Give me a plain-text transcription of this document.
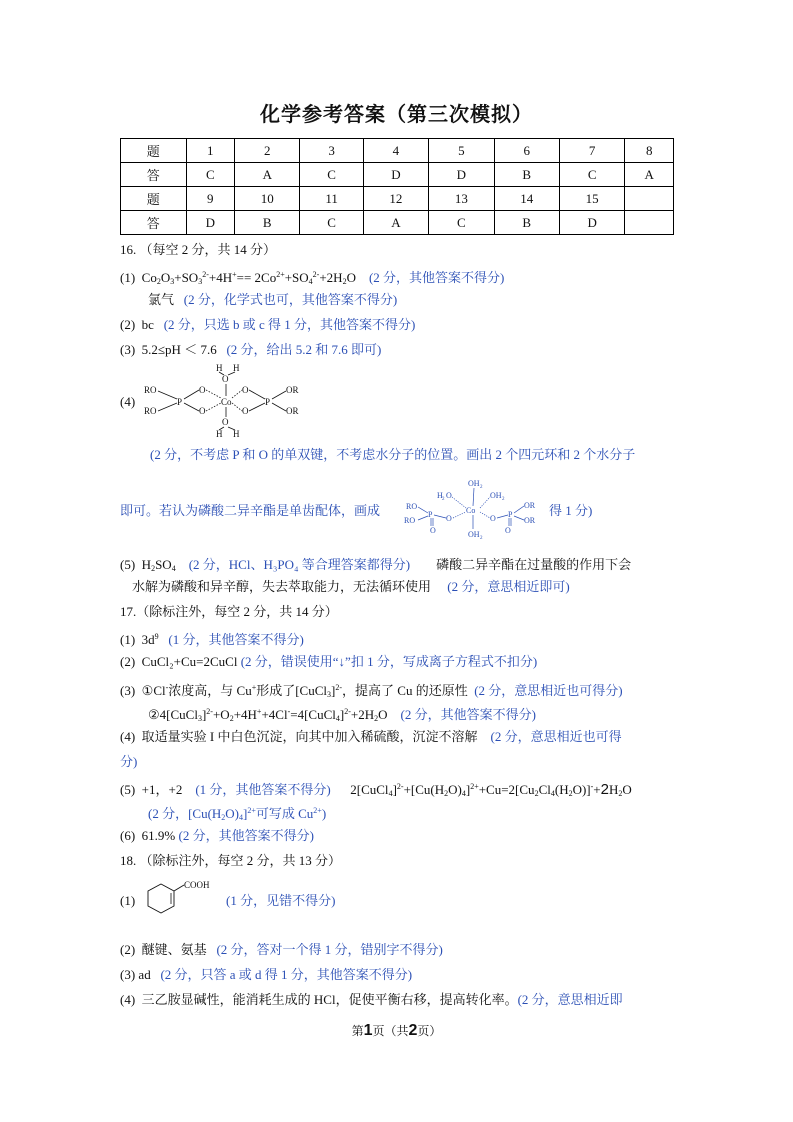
化学参考答案（第三次模拟）
题	1	2	3	4	5	6	7	8
答	C	A	C	D	D	B	C	A
题	9	10	11	12	13	14	15	
答	D	B	C	A	C	B	D	
16. （每空 2 分，共 14 分）
(1) $Co_2O_3+SO_3^{2-}+4H^+== 2Co^{2+}+SO_4^{2-}+2H_2O$ (2 分，其他答案不得分)
氯气 (2 分，化学式也可，其他答案不得分)
(2) bc (2 分，只选 b 或 c 得 1 分，其他答案不得分)
(3) 5.2≤pH ＜ 7.6 (2 分，给出 5.2 和 7.6 即可)
(4)
H H
O
RO
RO
P
O
O
Co
O
O
P
OR
OR
O
H H
(2 分，不考虑 P 和 O 的单双键，不考虑水分子的位置。画出 2 个四元环和 2 个水分子
即可。若认为磷酸二异辛酯是单齿配体，画成
OH 2
H 2 O	OH 2
RO
RO
P O
Co
O P
OR
OR
O	O
OH 2
得 1 分)
(5)  $H_2SO_4$ (2 分，HCl、H₃PO₄ 等合理答案都得分) 磷酸二异辛酯在过量酸的作用下会
水解为磷酸和异辛醇，失去萃取能力，无法循环使用 (2 分，意思相近即可)
17.（除标注外，每空 2 分，共 14 分）
(1)  $3d^9$ (1 分，其他答案不得分)
(2) CuCl₂+Cu=2CuCl (2 分，错误使用“↓”扣 1 分，写成离子方程式不扣分)
(3)  ①Cl-浓度高，与 Cu+形成了[CuCl$_3$]$^{2-}$，提高了 Cu 的还原性  (2 分，意思相近也可得分)
$②4[CuCl_3]^{2-}+O_2+4H^++4Cl^-=4[CuCl_4]^{2-}+2H_2O$    (2 分，其他答案不得分)
(4) 取适量实验 I 中白色沉淀，向其中加入稀硫酸，沉淀不溶解 (2 分，意思相近也可得
分)
(5) +1，+2 (1 分，其他答案不得分)      $2[CuCl_4]^{2-}+[Cu(H_2O)_4]^{2+}+Cu=2[Cu_2Cl_4(H_2O)]^-+2H_2O$
(2 分，$[Cu(H_2O)_4]^{2+}$可写成 $Cu^{2+}$)
(6) 61.9% (2 分，其他答案不得分)
18. （除标注外，每空 2 分，共 13 分）
(1)
COOH
(1 分，见错不得分)
(2) 醚键、氨基 (2 分，答对一个得 1 分，错别字不得分)
(3) ad (2 分，只答 a 或 d 得 1 分，其他答案不得分)
(4) 三乙胺显碱性，能消耗生成的 HCl，促使平衡右移，提高转化率。(2 分，意思相近即
第1页（共2页）
